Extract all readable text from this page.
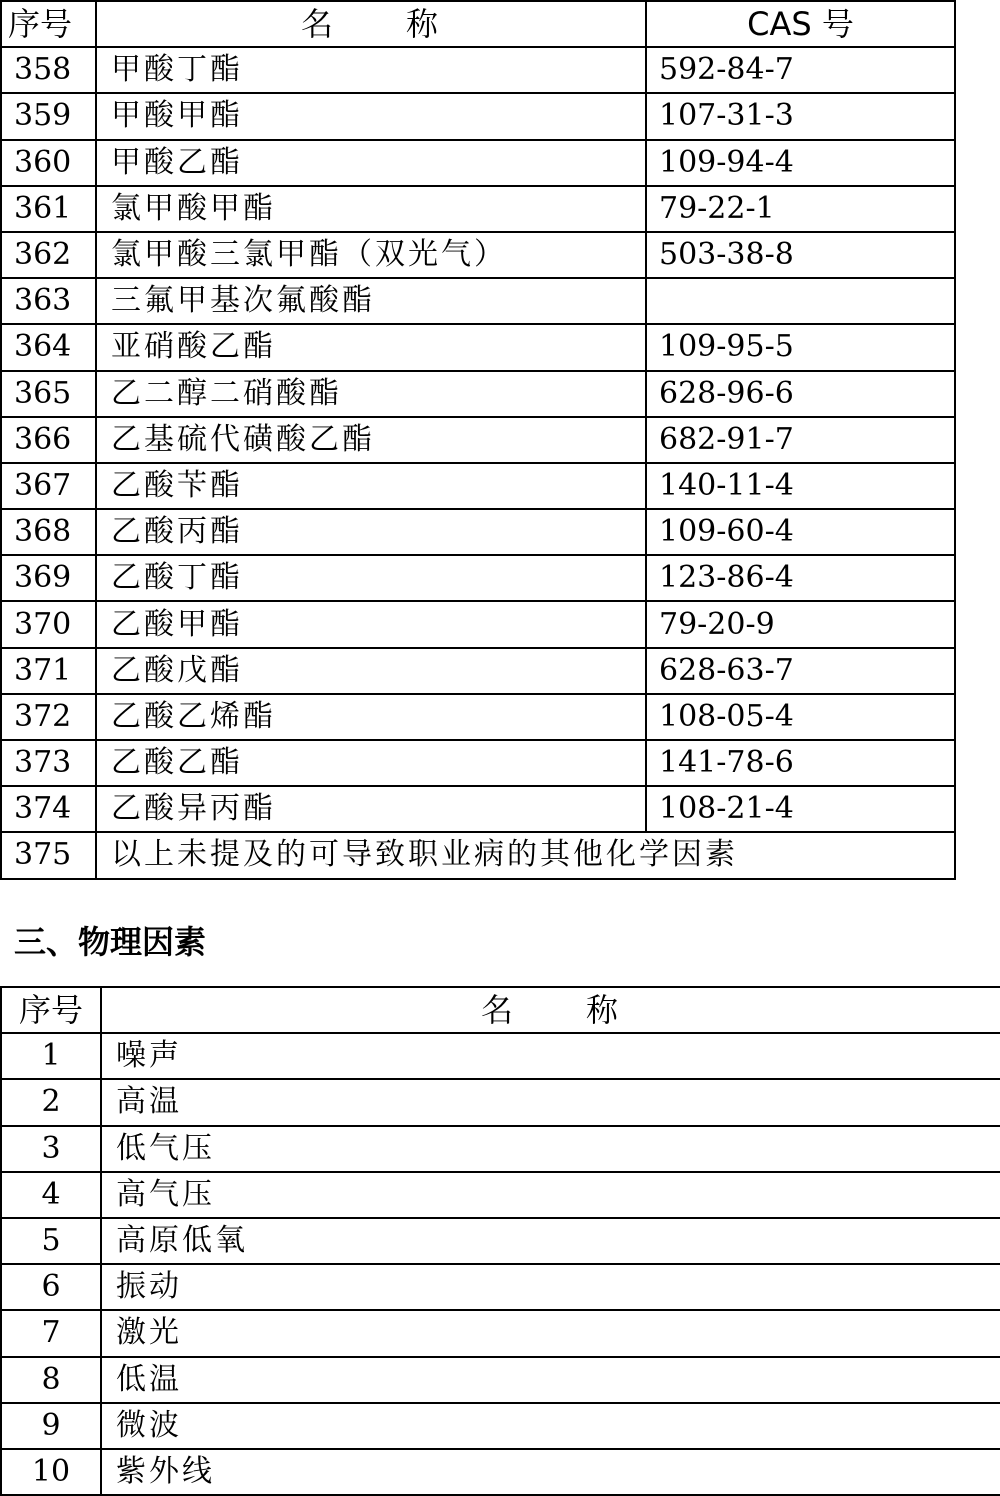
序号	名 称	CAS 号
358	甲酸丁酯	592-84-7
359	甲酸甲酯	107-31-3
360	甲酸乙酯	109-94-4
361	氯甲酸甲酯	79-22-1
362	氯甲酸三氯甲酯（双光气）	503-38-8
363	三氟甲基次氟酸酯	
364	亚硝酸乙酯	109-95-5
365	乙二醇二硝酸酯	628-96-6
366	乙基硫代磺酸乙酯	682-91-7
367	乙酸苄酯	140-11-4
368	乙酸丙酯	109-60-4
369	乙酸丁酯	123-86-4
370	乙酸甲酯	79-20-9
371	乙酸戊酯	628-63-7
372	乙酸乙烯酯	108-05-4
373	乙酸乙酯	141-78-6
374	乙酸异丙酯	108-21-4
375	以上未提及的可导致职业病的其他化学因素	
三、物理因素
序号	名 称
1	噪声
2	高温
3	低气压
4	高气压
5	高原低氧
6	振动
7	激光
8	低温
9	微波
10	紫外线
